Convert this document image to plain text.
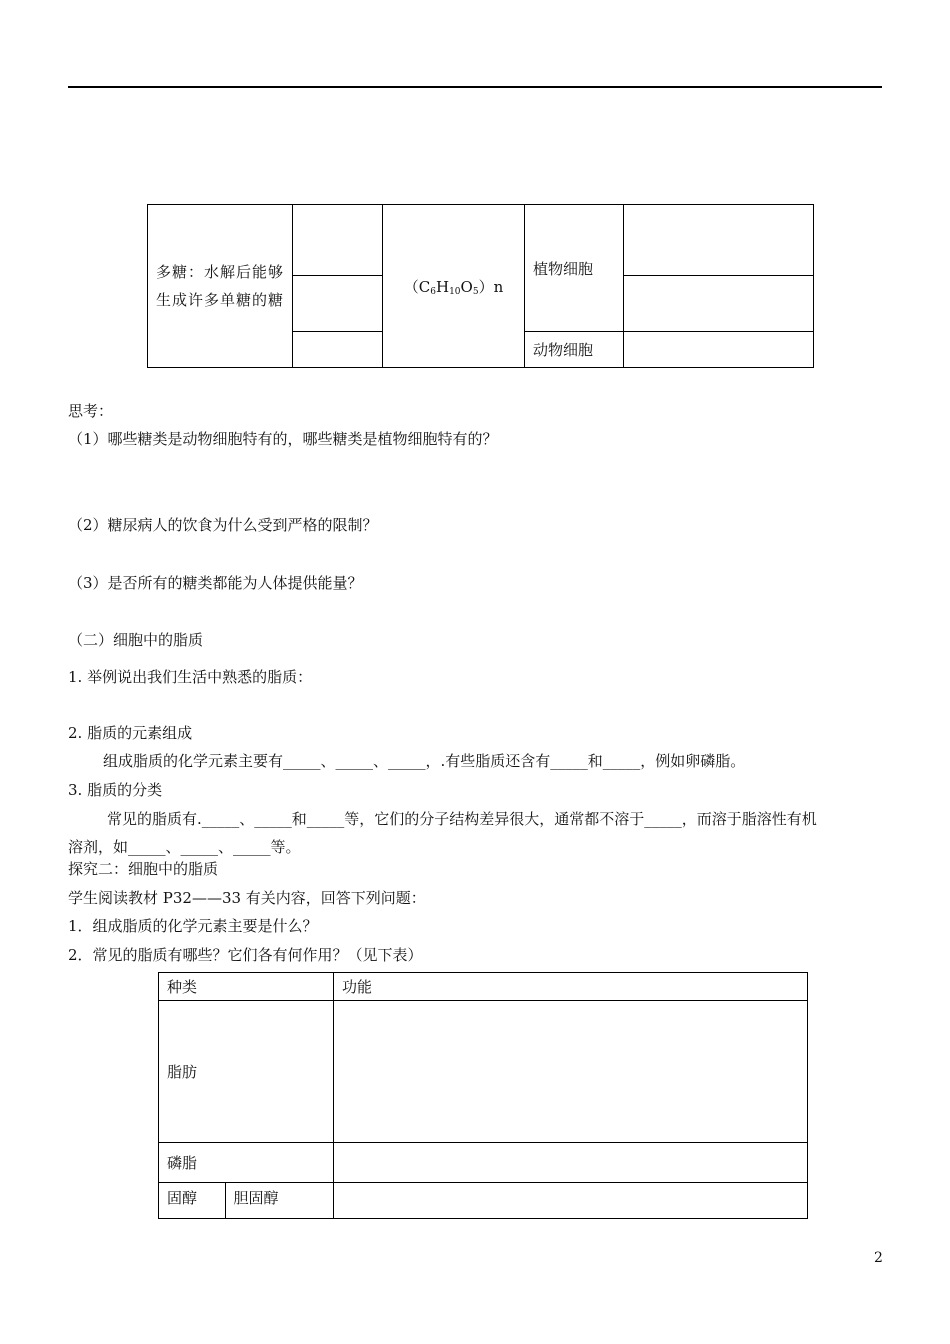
多糖：水解后能够生成许多单糖的糖		$(C_6H_{10}O_5)n$	植物细胞	

			动物细胞	
思考：
（1）哪些糖类是动物细胞特有的，哪些糖类是植物细胞特有的？
（2）糖尿病人的饮食为什么受到严格的限制？
（3）是否所有的糖类都能为人体提供能量？
（二）细胞中的脂质
1. 举例说出我们生活中熟悉的脂质：
2. 脂质的元素组成
组成脂质的化学元素主要有_____、_____、_____，.有些脂质还含有_____和_____，例如卵磷脂。
3. 脂质的分类
常见的脂质有._____、_____和_____等，它们的分子结构差异很大，通常都不溶于_____，而溶于脂溶性有机
溶剂，如_____、_____、_____等。
探究二：细胞中的脂质
学生阅读教材 P32——33 有关内容，回答下列问题：
1．组成脂质的化学元素主要是什么？
2．常见的脂质有哪些？它们各有何作用？（见下表）
种类		功能
脂肪		
磷脂		
固醇	胆固醇	
2
